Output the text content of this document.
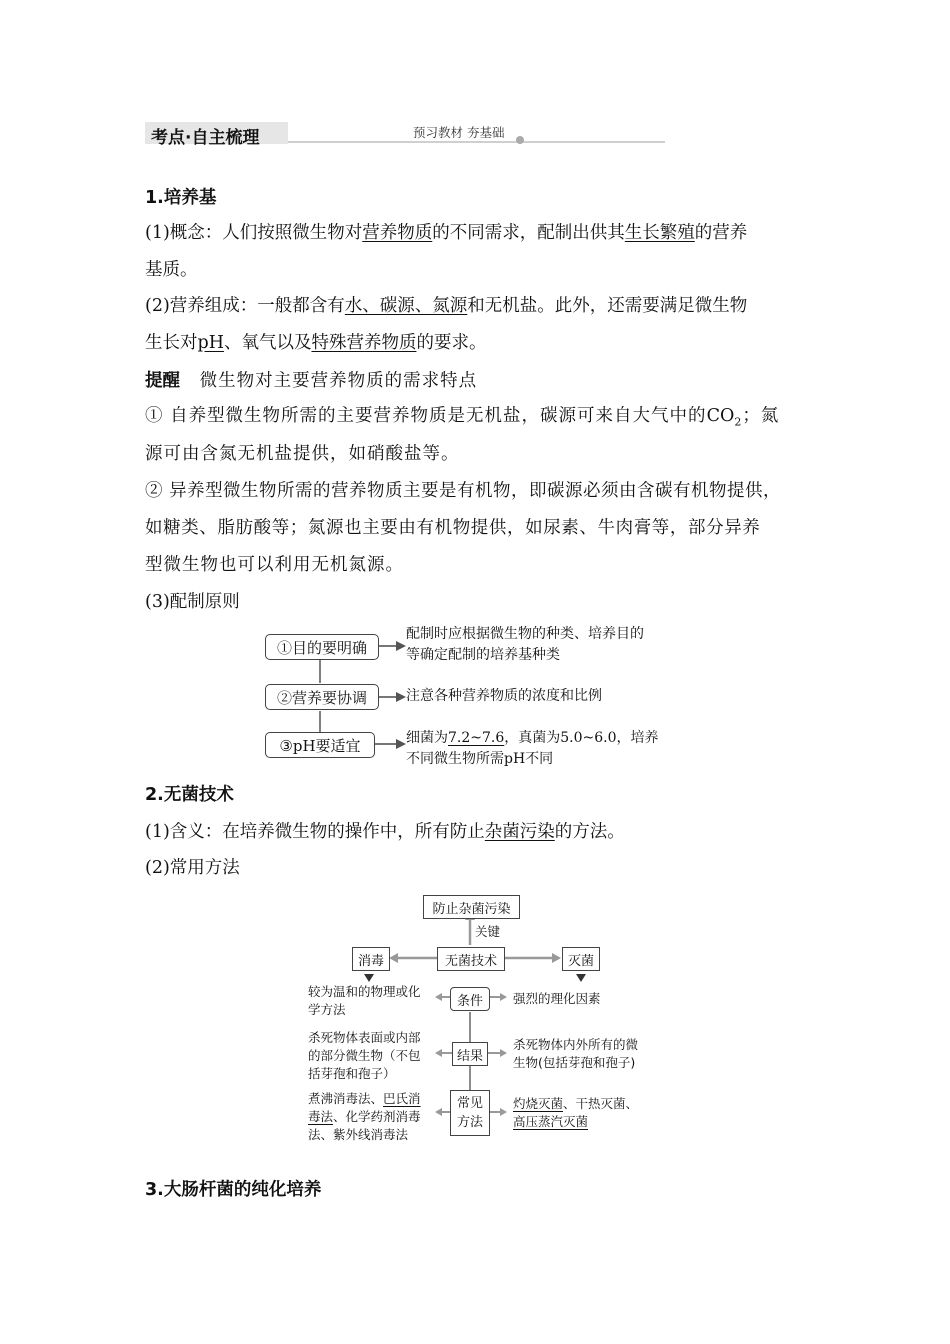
考点·自主梳理	预习教材 夯基础
1.培养基
(1)概念：人们按照微生物对营养物质的不同需求，配制出供其生长繁殖的营养
基质。
(2)营养组成：一般都含有水、碳源、氮源和无机盐。此外，还需要满足微生物
生长对pH、氧气以及特殊营养物质的要求。
提醒 微生物对主要营养物质的需求特点
① 自养型微生物所需的主要营养物质是无机盐，碳源可来自大气中的$CO_2$；氮
源可由含氮无机盐提供，如硝酸盐等。
② 异养型微生物所需的营养物质主要是有机物，即碳源必须由含碳有机物提供，
如糖类、脂肪酸等；氮源也主要由有机物提供，如尿素、牛肉膏等，部分异养
型微生物也可以利用无机氮源。
(3)配制原则
①目的要明确
②营养要协调
③pH要适宜
配制时应根据微生物的种类、培养目的
等确定配制的培养基种类
注意各种营养物质的浓度和比例
细菌为7.2~7.6，真菌为5.0~6.0，培养
不同微生物所需pH不同
2.无菌技术
(1)含义：在培养微生物的操作中，所有防止杂菌污染的方法。
(2)常用方法
防止杂菌污染
关键
无菌技术
消毒	灭菌
条件
结果
常见
方法
较为温和的物理或化
学方法
杀死物体表面或内部
的部分微生物（不包
括芽孢和孢子）
煮沸消毒法、巴氏消
毒法、化学药剂消毒
法、紫外线消毒法
强烈的理化因素
杀死物体内外所有的微
生物(包括芽孢和孢子)
灼烧灭菌、干热灭菌、
高压蒸汽灭菌
3.大肠杆菌的纯化培养
